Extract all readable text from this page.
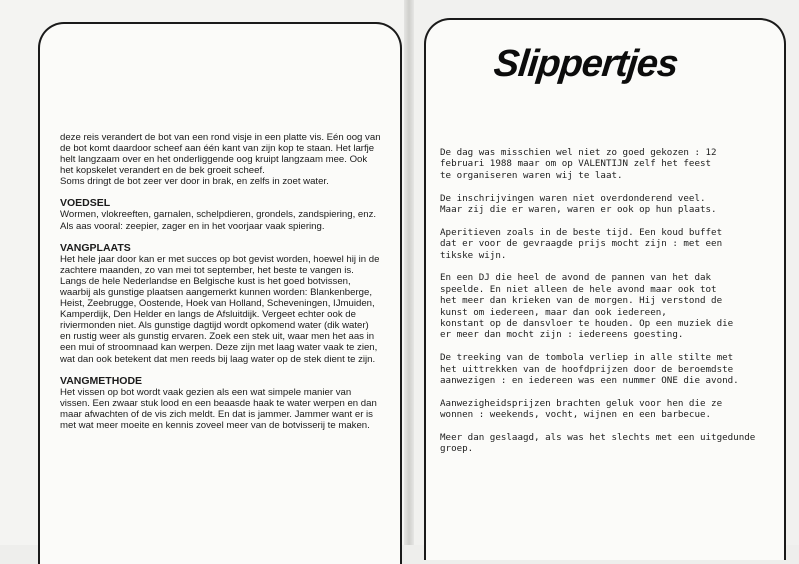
deze reis verandert de bot van een rond visje in een platte vis. Eén oog van de bot komt daardoor scheef aan één kant van zijn kop te staan. Het larfje helt langzaam over en het onderliggende oog kruipt langzaam mee. Ook het kopskelet verandert en de bek groeit scheef.
Soms dringt de bot zeer ver door in brak, en zelfs in zoet water.

VOEDSEL

Wormen, vlokreeften, garnalen, schelpdieren, grondels, zandspiering, enz. Als aas vooral: zeepier, zager en in het voorjaar vaak spiering.

VANGPLAATS

Het hele jaar door kan er met succes op bot gevist worden, hoewel hij in de zachtere maanden, zo van mei tot september, het beste te vangen is. Langs de hele Nederlandse en Belgische kust is het goed botvissen, waarbij als gunstige plaatsen aangemerkt kunnen worden: Blankenberge, Heist, Zeebrugge, Oostende, Hoek van Holland, Scheveningen, IJmuiden, Kamperdijk, Den Helder en langs de Afsluitdijk. Vergeet echter ook de riviermonden niet. Als gunstige dagtijd wordt opkomend water (dik water) en rustig weer als gunstig ervaren. Zoek een stek uit, waar men het aas in een mui of stroomnaad kan werpen. Deze zijn met laag water vaak te zien, wat dan ook betekent dat men reeds bij laag water op de stek dient te zijn.

VANGMETHODE

Het vissen op bot wordt vaak gezien als een wat simpele manier van vissen. Een zwaar stuk lood en een beaasde haak te water werpen en dan maar afwachten of de vis zich meldt. En dat is jammer. Jammer want er is met wat meer moeite en kennis zoveel meer van de botvisserij te maken.

Slippertjes

De dag was misschien wel niet zo goed gekozen : 12
februari 1988 maar om op VALENTIJN zelf het feest
te organiseren waren wij te laat.

De inschrijvingen waren niet overdonderend veel.
Maar zij die er waren, waren er ook op hun plaats.

Aperitieven zoals in de beste tijd. Een koud buffet
dat er voor de gevraagde prijs mocht zijn : met een
tikske wijn.

En een DJ die heel de avond de pannen van het dak
speelde. En niet alleen de hele avond maar ook tot
het meer dan krieken van de morgen. Hij verstond de
kunst om iedereen, maar dan ook iedereen,
konstant op de dansvloer te houden. Op een muziek die
er meer dan mocht zijn : iedereens goesting.

De treeking van de tombola verliep in alle stilte met
het uittrekken van de hoofdprijzen door de beroemdste
aanwezigen : en iedereen was een nummer ONE die avond.

Aanwezigheidsprijzen brachten geluk voor hen die ze
wonnen : weekends, vocht, wijnen en een barbecue.

Meer dan geslaagd, als was het slechts met een uitgedunde
groep.
